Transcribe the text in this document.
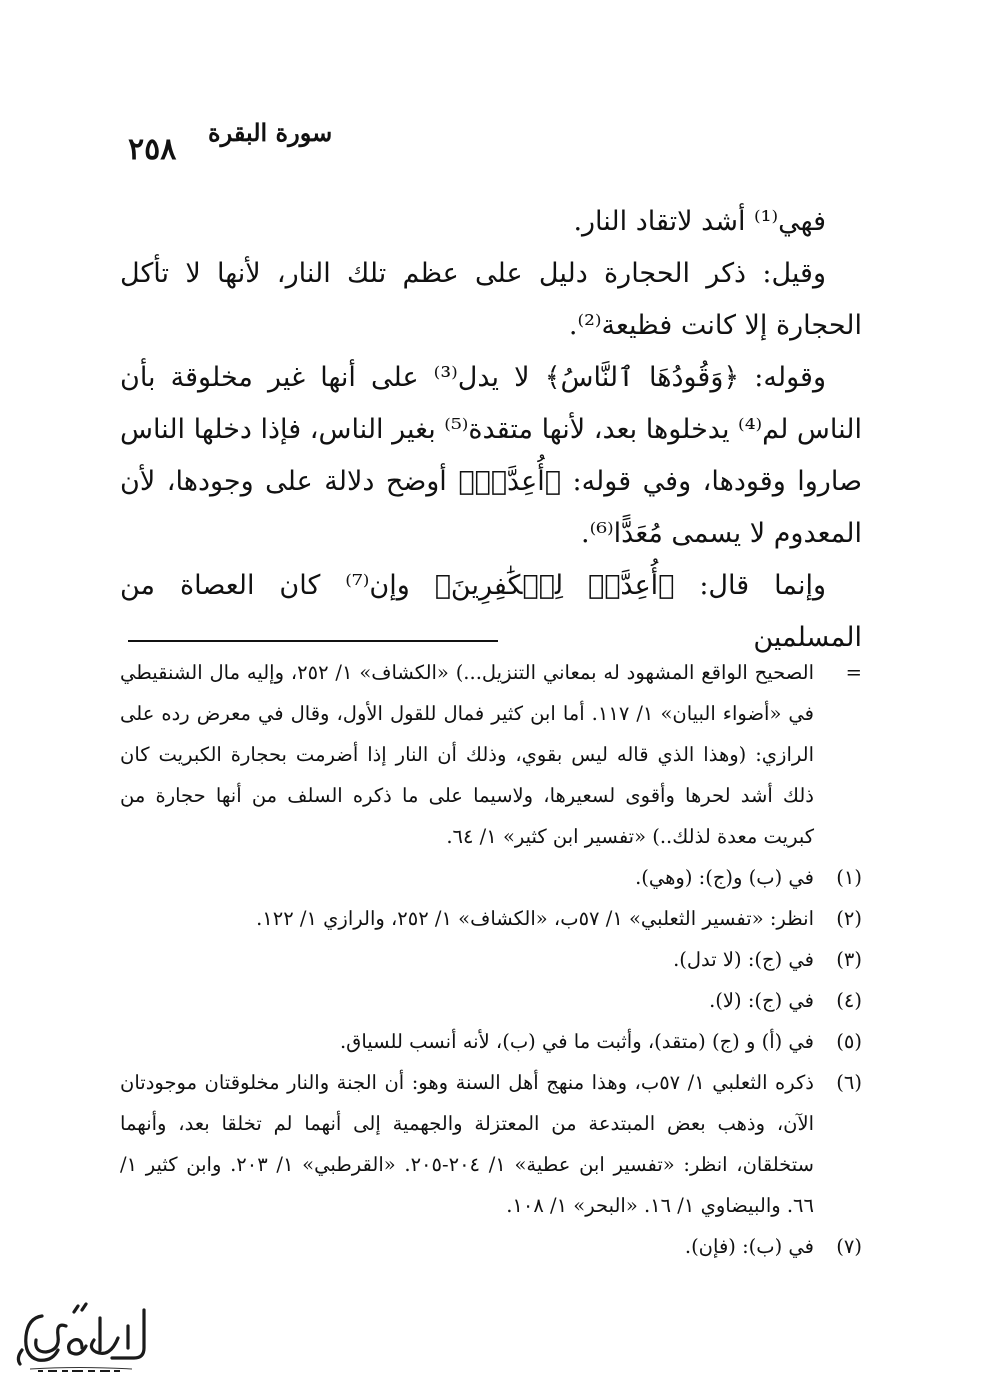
٢٥٨ سورة البقرة

فهي⁽¹⁾ أشد لاتقاد النار.

وقيل: ذكر الحجارة دليل على عظم تلك النار، لأنها لا تأكل الحجارة إلا كانت فظيعة⁽²⁾.

وقوله: ﴿وَقُودُهَا ٱلنَّاسُ﴾ لا يدل⁽³⁾ على أنها غير مخلوقة بأن الناس لم⁽⁴⁾ يدخلوها بعد، لأنها متقدة⁽⁵⁾ بغير الناس، فإذا دخلها الناس صاروا وقودها، وفي قوله: ﴿أُعِدَّتۡ﴾ أوضح دلالة على وجودها، لأن المعدوم لا يسمى مُعَدًّا⁽⁶⁾.

وإنما قال: ﴿أُعِدَّتۡ لِلۡكَٰفِرِينَ﴾ وإن⁽⁷⁾ كان العصاة من المسلمين

=
الصحيح الواقع المشهود له بمعاني التنزيل...) «الكشاف» ١/ ٢٥٢، وإليه مال الشنقيطي في «أضواء البيان» ١/ ١١٧. أما ابن كثير فمال للقول الأول، وقال في معرض رده على الرازي: (وهذا الذي قاله ليس بقوي، وذلك أن النار إذا أضرمت بحجارة الكبريت كان ذلك أشد لحرها وأقوى لسعيرها، ولاسيما على ما ذكره السلف من أنها حجارة من كبريت معدة لذلك..) «تفسير ابن كثير» ١/ ٦٤.

(١)
في (ب) و(ج): (وهي).

(٢)
انظر: «تفسير الثعلبي» ١/ ٥٧ب، «الكشاف» ١/ ٢٥٢، والرازي ١/ ١٢٢.

(٣)
في (ج): (لا تدل).

(٤)
في (ج): (لا).

(٥)
في (أ) و (ج) (متقد)، وأثبت ما في (ب)، لأنه أنسب للسياق.

(٦)
ذكره الثعلبي ١/ ٥٧ب، وهذا منهج أهل السنة وهو: أن الجنة والنار مخلوقتان موجودتان الآن، وذهب بعض المبتدعة من المعتزلة والجهمية إلى أنهما لم تخلقا بعد، وأنهما ستخلقان، انظر: «تفسير ابن عطية» ١/ ٢٠٤-٢٠٥. «القرطبي» ١/ ٢٠٣. وابن كثير ١/ ٦٦. والبيضاوي ١/ ١٦. «البحر» ١/ ١٠٨.

(٧)
في (ب): (فإن).
